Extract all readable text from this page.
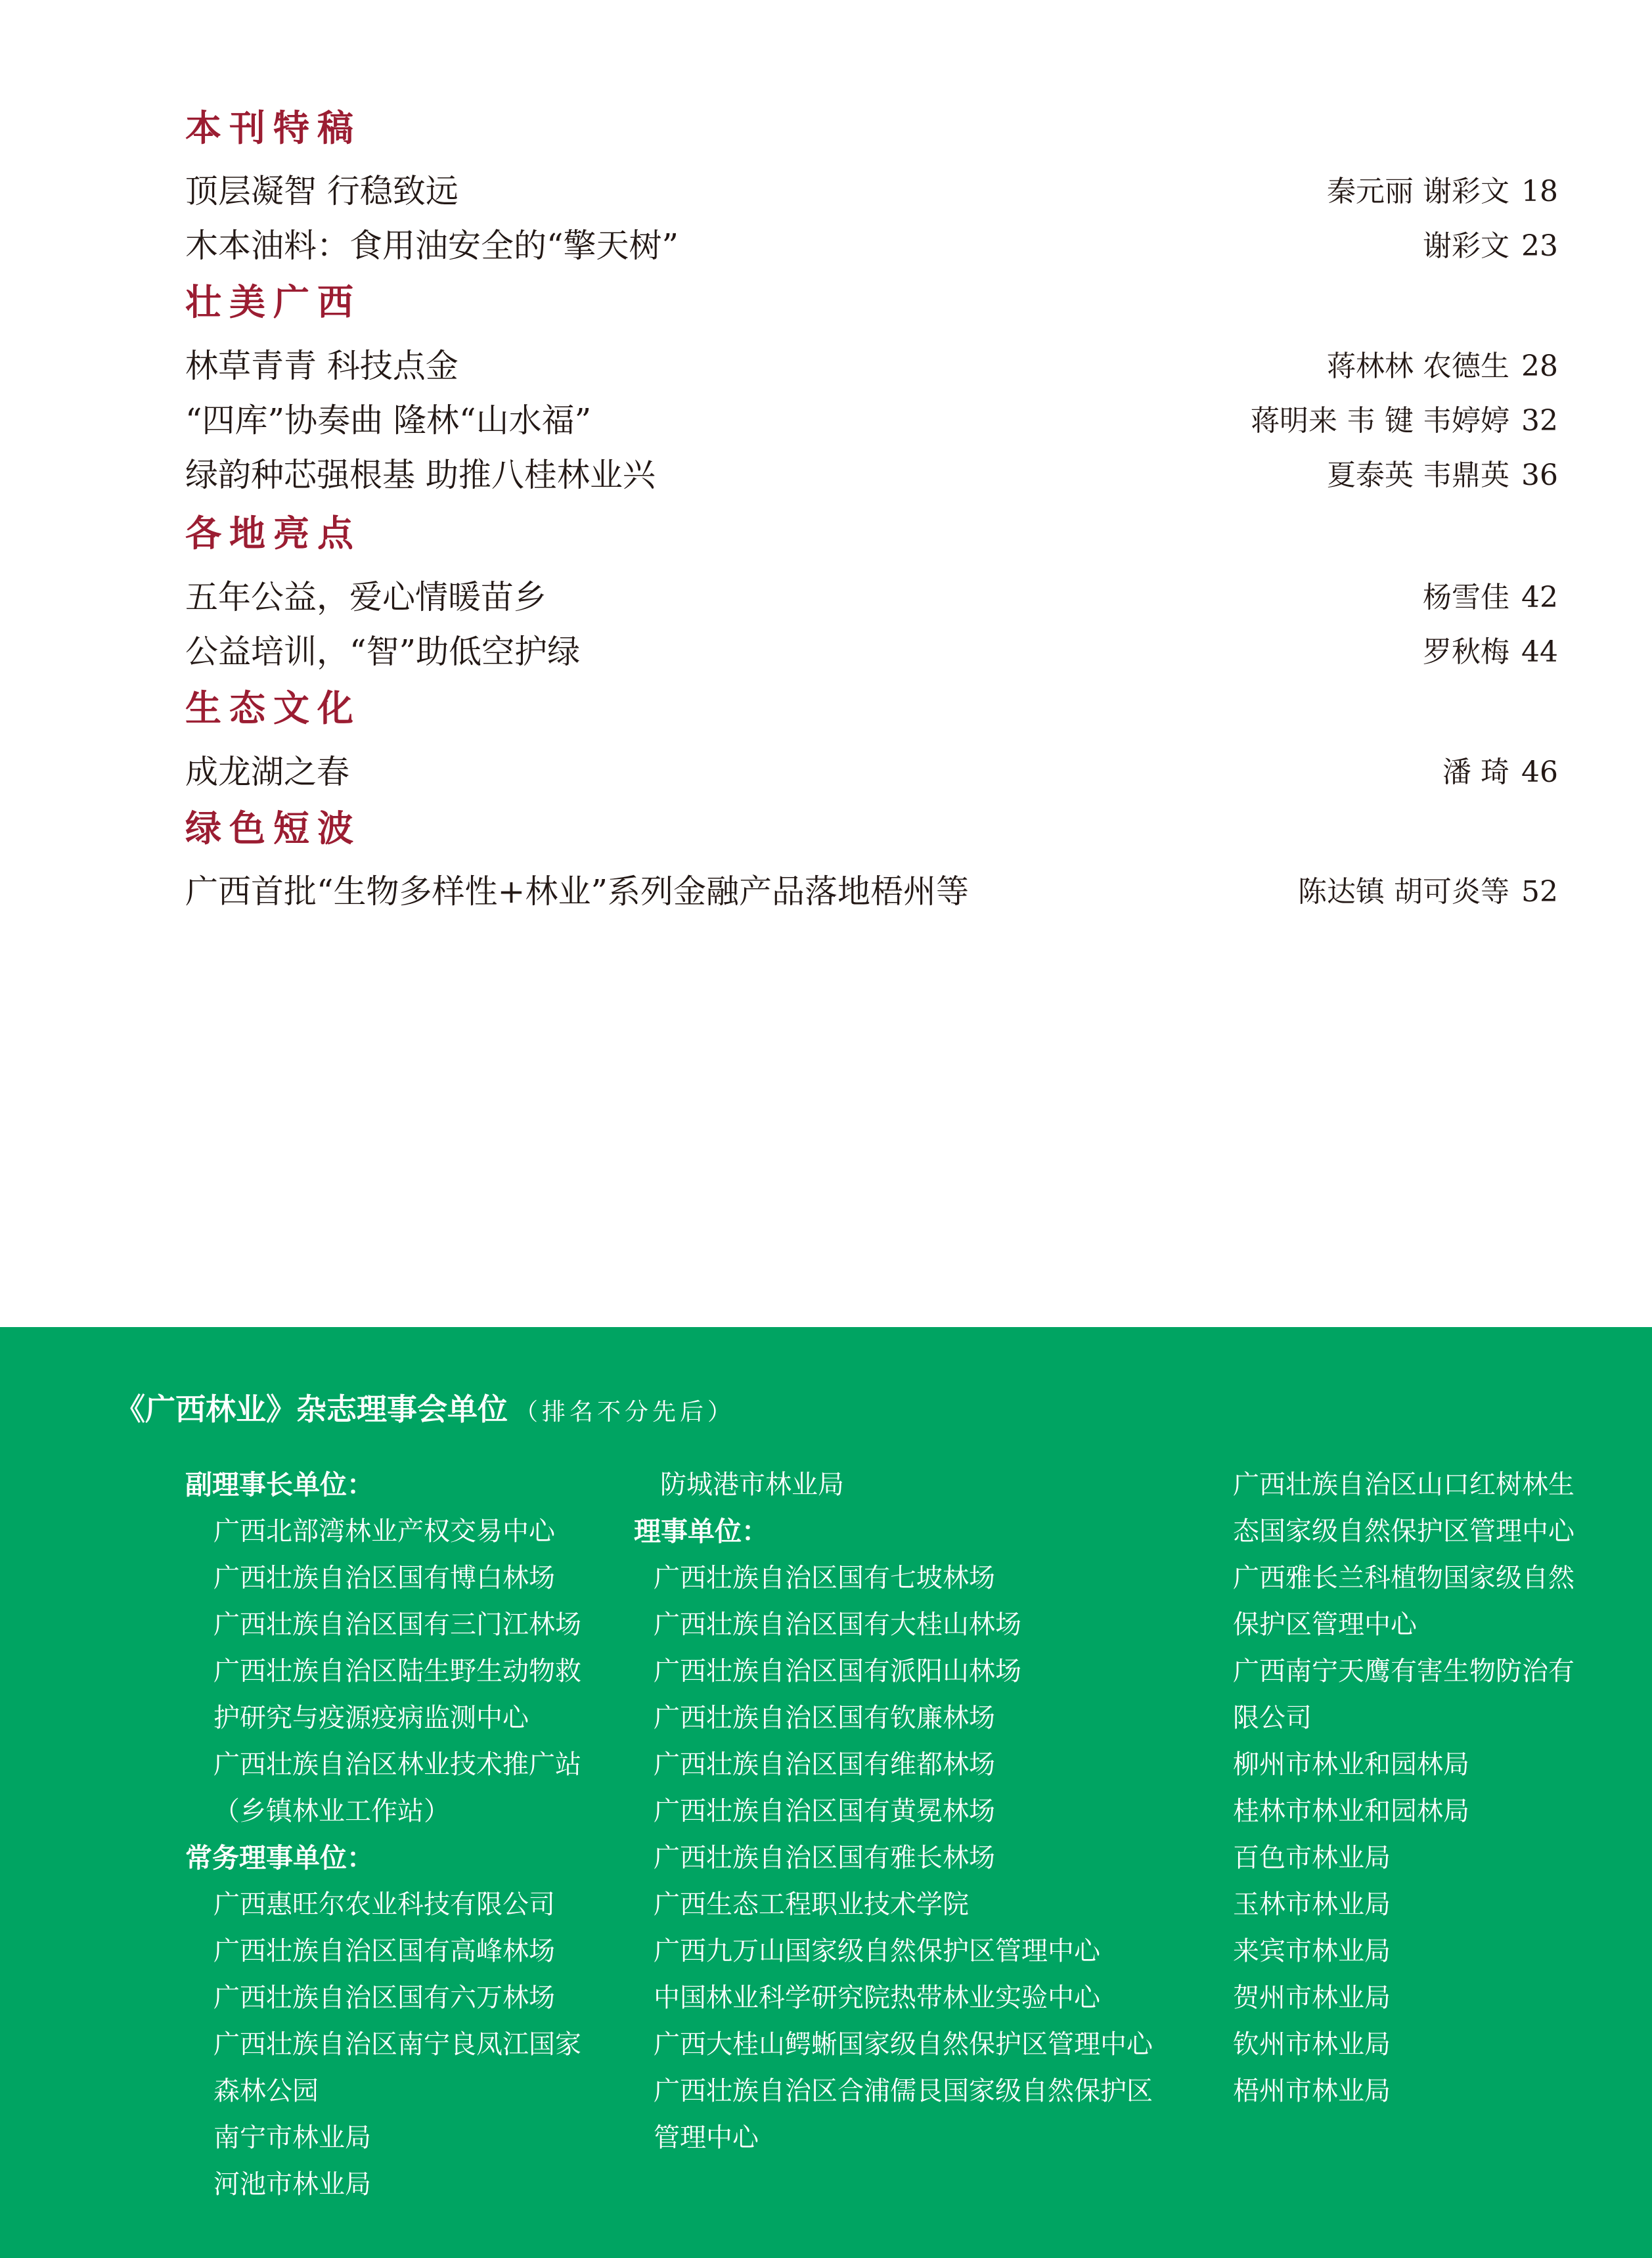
本刊特稿
顶层凝智 行稳致远	秦元丽 谢彩文 18
木本油料：食用油安全的“擎天树”	谢彩文 23
壮美广西
林草青青 科技点金	蒋林林 农德生 28
“四库”协奏曲 隆林“山水福”	蒋明来 韦 键 韦婷婷 32
绿韵种芯强根基 助推八桂林业兴	夏泰英 韦鼎英 36
各地亮点
五年公益，爱心情暖苗乡	杨雪佳 42
公益培训，“智”助低空护绿	罗秋梅 44
生态文化
成龙湖之春	潘 琦 46
绿色短波
广西首批“生物多样性+林业”系列金融产品落地梧州等	陈达镇 胡可炎等 52
《广西林业》杂志理事会单位 （排名不分先后）
副理事长单位：
广西北部湾林业产权交易中心
广西壮族自治区国有博白林场
广西壮族自治区国有三门江林场
广西壮族自治区陆生野生动物救
护研究与疫源疫病监测中心
广西壮族自治区林业技术推广站
（乡镇林业工作站）
常务理事单位：
广西惠旺尔农业科技有限公司
广西壮族自治区国有高峰林场
广西壮族自治区国有六万林场
广西壮族自治区南宁良凤江国家
森林公园
南宁市林业局
河池市林业局
防城港市林业局
理事单位：
广西壮族自治区国有七坡林场
广西壮族自治区国有大桂山林场
广西壮族自治区国有派阳山林场
广西壮族自治区国有钦廉林场
广西壮族自治区国有维都林场
广西壮族自治区国有黄冕林场
广西壮族自治区国有雅长林场
广西生态工程职业技术学院
广西九万山国家级自然保护区管理中心
中国林业科学研究院热带林业实验中心
广西大桂山鳄蜥国家级自然保护区管理中心
广西壮族自治区合浦儒艮国家级自然保护区
管理中心
广西壮族自治区山口红树林生
态国家级自然保护区管理中心
广西雅长兰科植物国家级自然
保护区管理中心
广西南宁天鹰有害生物防治有
限公司
柳州市林业和园林局
桂林市林业和园林局
百色市林业局
玉林市林业局
来宾市林业局
贺州市林业局
钦州市林业局
梧州市林业局
